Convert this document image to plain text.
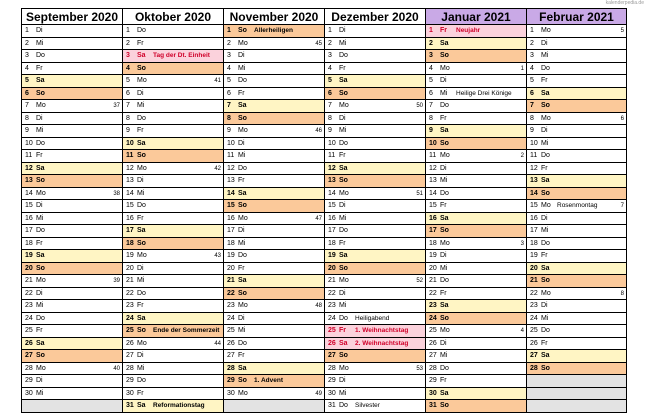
kalenderpedia.de
September 2020
1 Di
2 Mi
3 Do
4 Fr
5 Sa
6 So
7 Mo	37
8 Di
9 Mi
10 Do
11 Fr
12 Sa
13 So
14 Mo	38
15 Di
16 Mi
17 Do
18 Fr
19 Sa
20 So
21 Mo	39
22 Di
23 Mi
24 Do
25 Fr
26 Sa
27 So
28 Mo	40
29 Di
30 Mi
Oktober 2020
1 Do
2 Fr
3 Sa Tag der Dt. Einheit
4 So
5 Mo	41
6 Di
7 Mi
8 Do
9 Fr
10 Sa
11 So
12 Mo	42
13 Di
14 Mi
15 Do
16 Fr
17 Sa
18 So
19 Mo	43
20 Di
21 Mi
22 Do
23 Fr
24 Sa
25 So Ende der Sommerzeit
26 Mo	44
27 Di
28 Mi
29 Do
30 Fr
31 Sa Reformationstag
November 2020
1 So Allerheiligen
2 Mo	45
3 Di
4 Mi
5 Do
6 Fr
7 Sa
8 So
9 Mo	46
10 Di
11 Mi
12 Do
13 Fr
14 Sa
15 So
16 Mo	47
17 Di
18 Mi
19 Do
20 Fr
21 Sa
22 So
23 Mo	48
24 Di
25 Mi
26 Do
27 Fr
28 Sa
29 So 1. Advent
30 Mo	49
Dezember 2020
1 Di
2 Mi
3 Do
4 Fr
5 Sa
6 So
7 Mo	50
8 Di
9 Mi
10 Do
11 Fr
12 Sa
13 So
14 Mo	51
15 Di
16 Mi
17 Do
18 Fr
19 Sa
20 So
21 Mo	52
22 Di
23 Mi
24 Do Heiligabend
25 Fr 1. Weihnachtstag
26 Sa 2. Weihnachtstag
27 So
28 Mo	53
29 Di
30 Mi
31 Do Silvester
Januar 2021
1 Fr Neujahr
2 Sa
3 So
4 Mo	1
5 Di
6 Mi Heilige Drei Könige
7 Do
8 Fr
9 Sa
10 So
11 Mo	2
12 Di
13 Mi
14 Do
15 Fr
16 Sa
17 So
18 Mo	3
19 Di
20 Mi
21 Do
22 Fr
23 Sa
24 So
25 Mo	4
26 Di
27 Mi
28 Do
29 Fr
30 Sa
31 So
Februar 2021
1 Mo	5
2 Di
3 Mi
4 Do
5 Fr
6 Sa
7 So
8 Mo	6
9 Di
10 Mi
11 Do
12 Fr
13 Sa
14 So
15 Mo Rosenmontag	7
16 Di
17 Mi
18 Do
19 Fr
20 Sa
21 So
22 Mo	8
23 Di
24 Mi
25 Do
26 Fr
27 Sa
28 So
